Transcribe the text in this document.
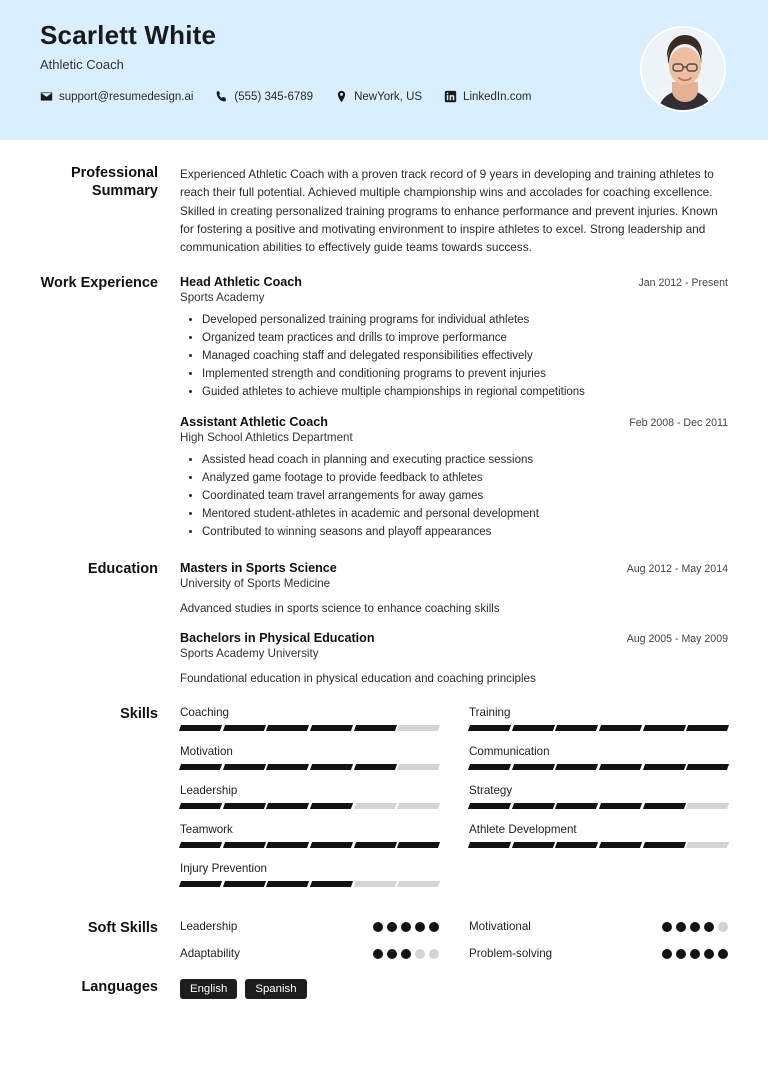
Scarlett White
Athletic Coach
support@resumedesign.ai	(555) 345-6789	NewYork, US	LinkedIn.com
Professional Summary
Experienced Athletic Coach with a proven track record of 9 years in developing and training athletes to reach their full potential. Achieved multiple championship wins and accolades for coaching excellence. Skilled in creating personalized training programs to enhance performance and prevent injuries. Known for fostering a positive and motivating environment to inspire athletes to excel. Strong leadership and communication abilities to effectively guide teams towards success.
Work Experience	Head Athletic Coach	Jan 2012 - Present
Sports Academy
• Developed personalized training programs for individual athletes
• Organized team practices and drills to improve performance
• Managed coaching staff and delegated responsibilities effectively
• Implemented strength and conditioning programs to prevent injuries
• Guided athletes to achieve multiple championships in regional competitions
Assistant Athletic Coach	Feb 2008 - Dec 2011
High School Athletics Department
• Assisted head coach in planning and executing practice sessions
• Analyzed game footage to provide feedback to athletes
• Coordinated team travel arrangements for away games
• Mentored student-athletes in academic and personal development
• Contributed to winning seasons and playoff appearances
Education	Masters in Sports Science	Aug 2012 - May 2014
University of Sports Medicine
Advanced studies in sports science to enhance coaching skills
Bachelors in Physical Education	Aug 2005 - May 2009
Sports Academy University
Foundational education in physical education and coaching principles
Skills	Coaching	Training
Motivation	Communication
Leadership	Strategy
Teamwork	Athlete Development
Injury Prevention
Soft Skills	Leadership	Motivational
Adaptability	Problem-solving
Languages	English	Spanish
